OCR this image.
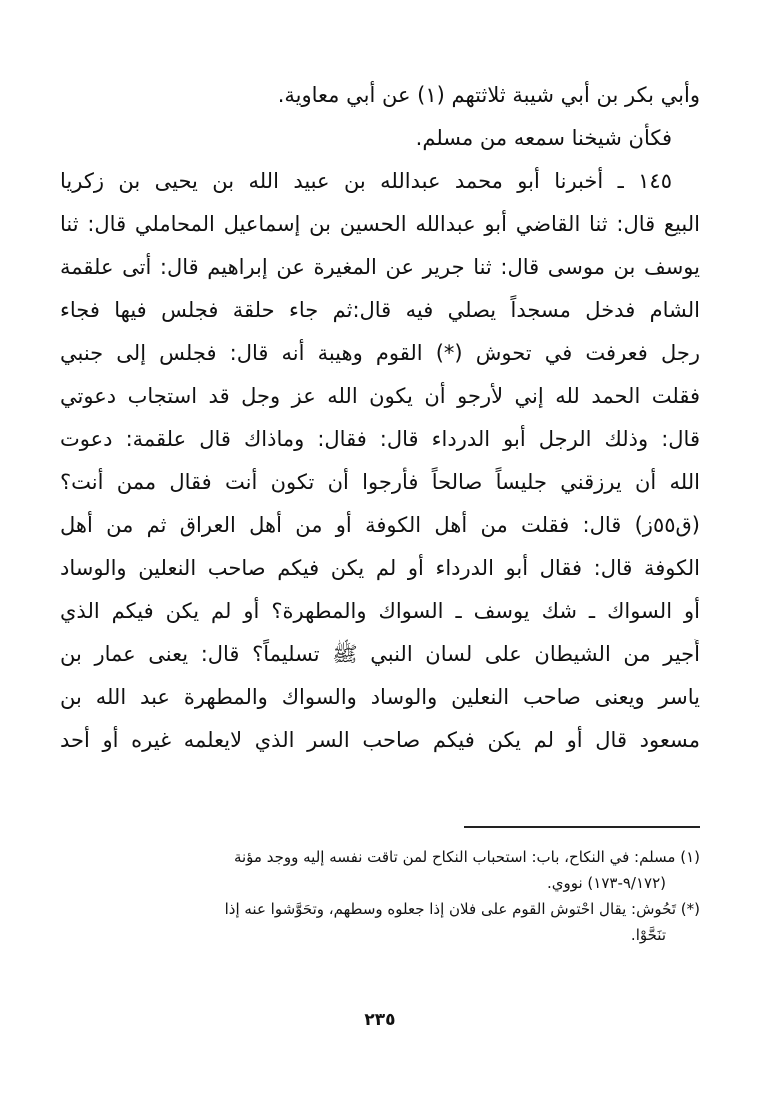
وأبي بكر بن أبي شيبة ثلاثتهم (١) عن أبي معاوية.
فكأن شيخنا سمعه من مسلم.
١٤٥ ـ أخبرنا أبو محمد عبدالله بن عبيد الله بن يحيى بن زكريا
البيع قال: ثنا القاضي أبو عبدالله الحسين بن إسماعيل المحاملي قال: ثنا
يوسف بن موسى قال: ثنا جرير عن المغيرة عن إبراهيم قال: أتى علقمة
الشام فدخل مسجداً يصلي فيه قال:ثم جاء حلقة فجلس فيها فجاء
رجل فعرفت في تحوش (*) القوم وهيبة أنه قال: فجلس إلى جنبي
فقلت الحمد لله إني لأرجو أن يكون الله عز وجل قد استجاب دعوتي
قال: وذلك الرجل أبو الدرداء قال: فقال: وماذاك قال علقمة: دعوت
الله أن يرزقني جليساً صالحاً فأرجوا أن تكون أنت فقال ممن أنت؟
(ق٥٥ز) قال: فقلت من أهل الكوفة أو من أهل العراق ثم من أهل
الكوفة قال: فقال أبو الدرداء أو لم يكن فيكم صاحب النعلين والوساد
أو السواك ـ شك يوسف ـ السواك والمطهرة؟ أو لم يكن فيكم الذي
أُجير من الشيطان على لسان النبي ﷺ تسليماً؟ قال: يعنى عمار بن
ياسر ويعنى صاحب النعلين والوساد والسواك والمطهرة عبد الله بن
مسعود قال أو لم يكن فيكم صاحب السر الذي لايعلمه غيره أو أحد
(١) مسلم: في النكاح، باب: استحباب النكاح لمن تاقت نفسه إليه ووجد مؤنة
(٩/١٧٢-١٧٣) نووي.
(*) تَحُوش: يقال احْتوش القوم على فلان إذا جعلوه وسطهم، وتحَوَّشوا عنه إذا
تنَحَّوْا.
٢٣٥
